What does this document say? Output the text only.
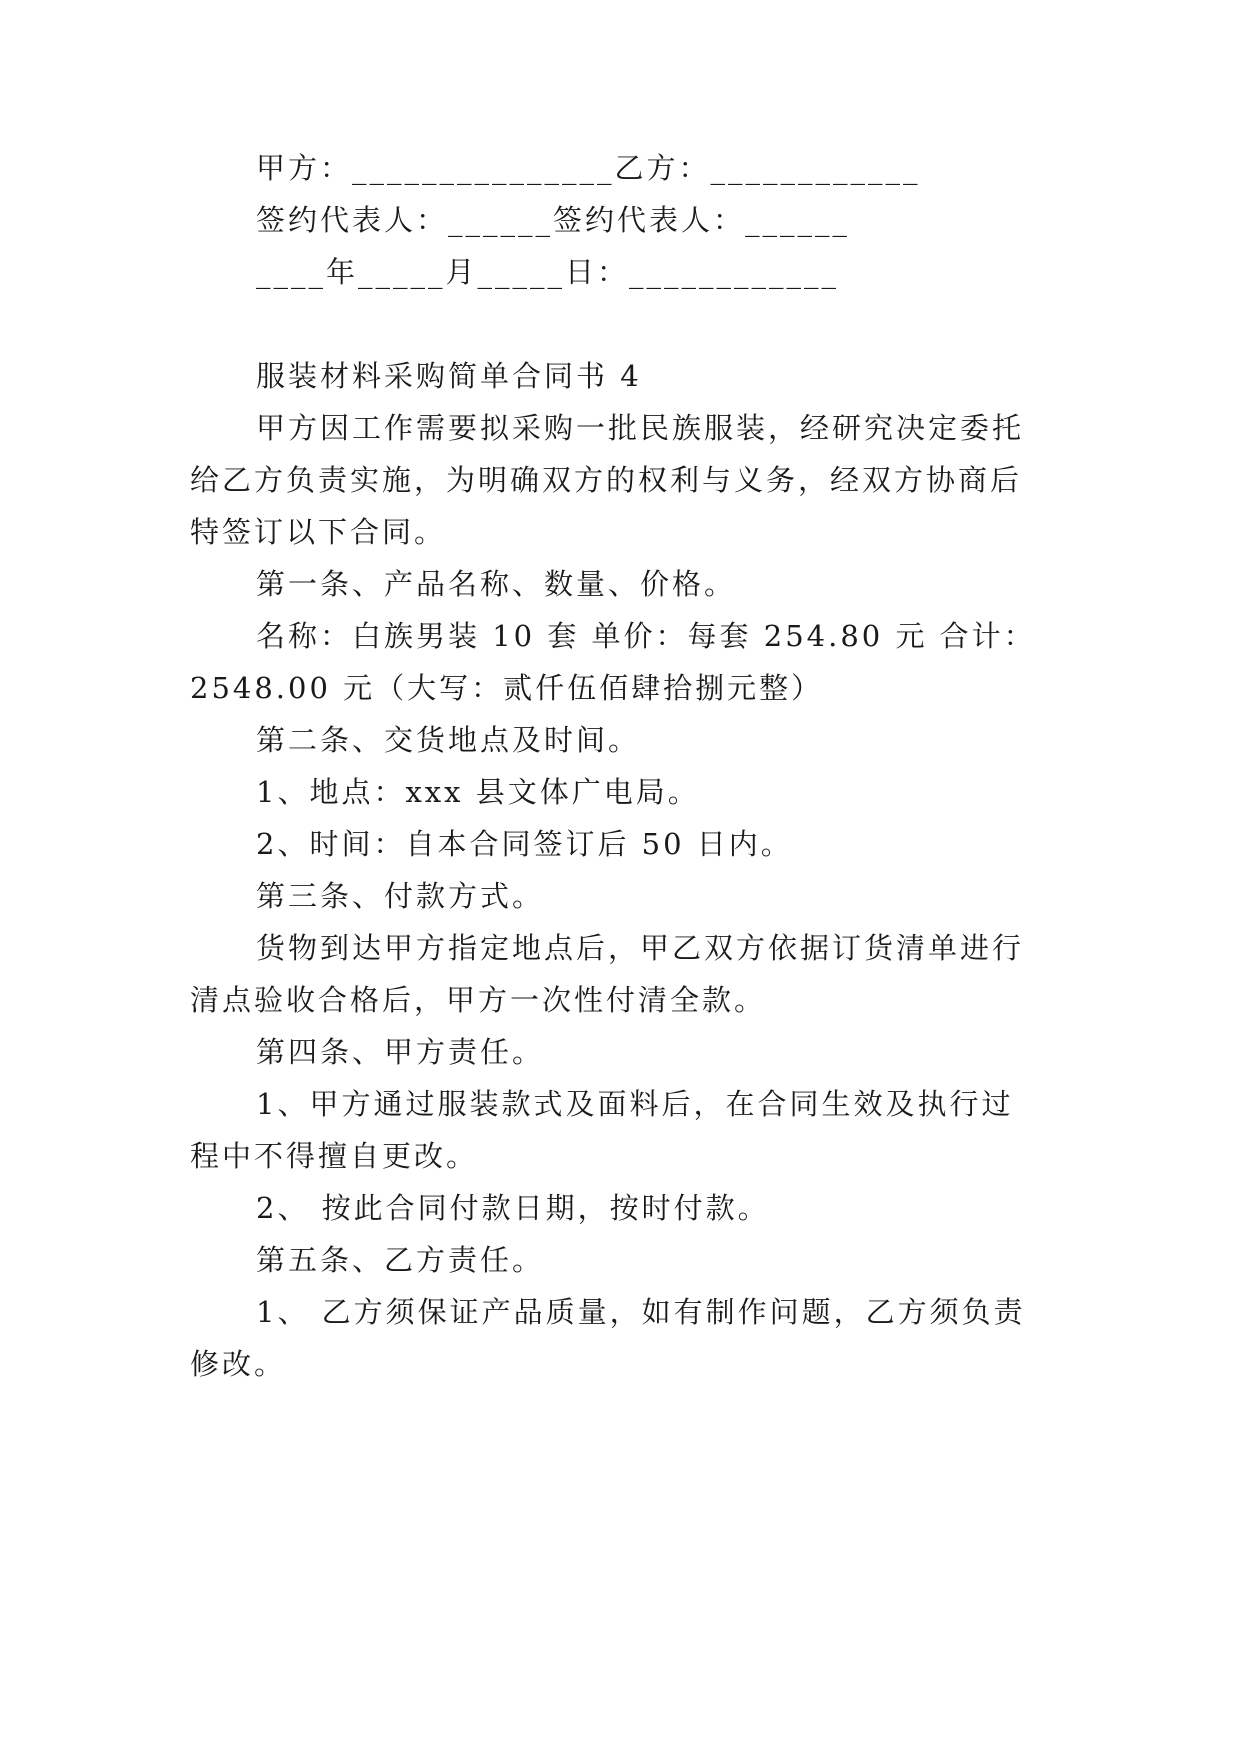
甲方：_______________乙方：____________
签约代表人：______签约代表人：______
____年_____月_____日：____________
服装材料采购简单合同书 4
甲方因工作需要拟采购一批民族服装，经研究决定委托
给乙方负责实施，为明确双方的权利与义务，经双方协商后
特签订以下合同。
第一条、产品名称、数量、价格。
名称：白族男装 10 套 单价：每套 254.80 元 合计：
2548.00 元（大写：贰仟伍佰肆拾捌元整）
第二条、交货地点及时间。
1、地点：xxx 县文体广电局。
2、时间：自本合同签订后 50 日内。
第三条、付款方式。
货物到达甲方指定地点后，甲乙双方依据订货清单进行
清点验收合格后，甲方一次性付清全款。
第四条、甲方责任。
1、甲方通过服装款式及面料后，在合同生效及执行过
程中不得擅自更改。
2、 按此合同付款日期，按时付款。
第五条、乙方责任。
1、 乙方须保证产品质量，如有制作问题，乙方须负责
修改。
